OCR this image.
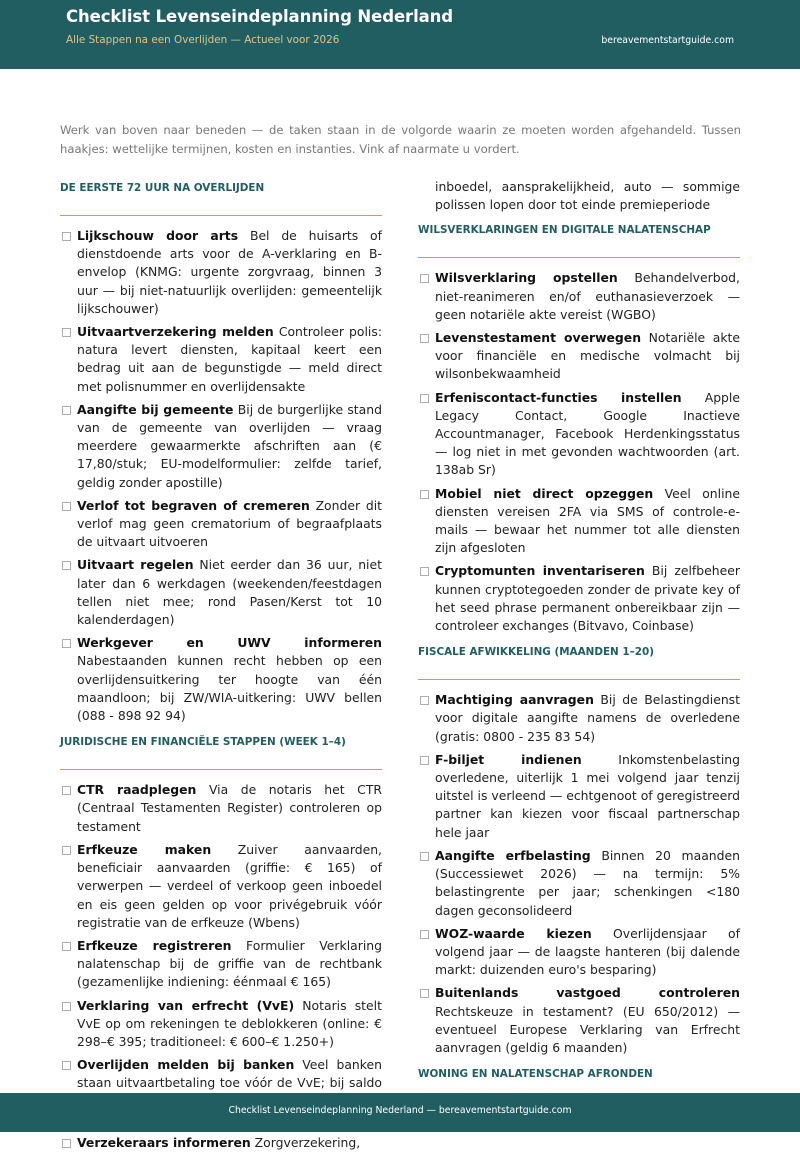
Checklist Levenseindeplanning Nederland
Alle Stappen na een Overlijden — Actueel voor 2026	bereavementstartguide.com
Werk van boven naar beneden — de taken staan in de volgorde waarin ze moeten worden afgehandeld. Tussen haakjes: wettelijke termijnen, kosten en instanties. Vink af naarmate u vordert.
DE EERSTE 72 UUR NA OVERLIJDEN
Lijkschouw door arts Bel de huisarts of dienstdoende arts voor de A-verklaring en B-envelop (KNMG: urgente zorgvraag, binnen 3 uur — bij niet-natuurlijk overlijden: gemeentelijk lijkschouwer)
Uitvaartverzekering melden Controleer polis: natura levert diensten, kapitaal keert een bedrag uit aan de begunstigde — meld direct met polisnummer en overlijdensakte
Aangifte bij gemeente Bij de burgerlijke stand van de gemeente van overlijden — vraag meerdere gewaarmerkte afschriften aan (€ 17,80/stuk; EU-modelformulier: zelfde tarief, geldig zonder apostille)
Verlof tot begraven of cremeren Zonder dit verlof mag geen crematorium of begraafplaats de uitvaart uitvoeren
Uitvaart regelen Niet eerder dan 36 uur, niet later dan 6 werkdagen (weekenden/feestdagen tellen niet mee; rond Pasen/Kerst tot 10 kalenderdagen)
Werkgever en UWV informeren Nabestaanden kunnen recht hebben op een overlijdensuitkering ter hoogte van één maandloon; bij ZW/WIA-uitkering: UWV bellen (088 - 898 92 94)
JURIDISCHE EN FINANCIËLE STAPPEN (WEEK 1–4)
CTR raadplegen Via de notaris het CTR (Centraal Testamenten Register) controleren op testament
Erfkeuze maken Zuiver aanvaarden, beneficiair aanvaarden (griffie: € 165) of verwerpen — verdeel of verkoop geen inboedel en eis geen gelden op voor privégebruik vóór registratie van de erfkeuze (Wbens)
Erfkeuze registreren Formulier Verklaring nalatenschap bij de griffie van de rechtbank (gezamenlijke indiening: éénmaal € 165)
Verklaring van erfrecht (VvE) Notaris stelt VvE op om rekeningen te deblokkeren (online: € 298–€ 395; traditioneel: € 600–€ 1.250+)
Overlijden melden bij banken Veel banken staan uitvaartbetaling toe vóór de VvE; bij saldo
Verzekeraars informeren Zorgverzekering,
inboedel, aansprakelijkheid, auto — sommige polissen lopen door tot einde premieperiode
WILSVERKLARINGEN EN DIGITALE NALATENSCHAP
Wilsverklaring opstellen Behandelverbod, niet-reanimeren en/of euthanasieverzoek — geen notariële akte vereist (WGBO)
Levenstestament overwegen Notariële akte voor financiële en medische volmacht bij wilsonbekwaamheid
Erfeniscontact-functies instellen Apple Legacy Contact, Google Inactieve Accountmanager, Facebook Herdenkingsstatus — log niet in met gevonden wachtwoorden (art. 138ab Sr)
Mobiel niet direct opzeggen Veel online diensten vereisen 2FA via SMS of controle-e-mails — bewaar het nummer tot alle diensten zijn afgesloten
Cryptomunten inventariseren Bij zelfbeheer kunnen cryptotegoeden zonder de private key of het seed phrase permanent onbereikbaar zijn — controleer exchanges (Bitvavo, Coinbase)
FISCALE AFWIKKELING (MAANDEN 1–20)
Machtiging aanvragen Bij de Belastingdienst voor digitale aangifte namens de overledene (gratis: 0800 - 235 83 54)
F-biljet indienen	Inkomstenbelasting overledene, uiterlijk 1 mei volgend jaar tenzij uitstel is verleend — echtgenoot of geregistreerd partner kan kiezen voor fiscaal partnerschap hele jaar
Aangifte erfbelasting Binnen 20 maanden (Successiewet 2026) — na termijn: 5% belastingrente per jaar; schenkingen <180 dagen geconsolideerd
WOZ-waarde kiezen Overlijdensjaar of volgend jaar — de laagste hanteren (bij dalende markt: duizenden euro's besparing)
Buitenlands vastgoed controleren Rechtskeuze in testament? (EU 650/2012) — eventueel Europese Verklaring van Erfrecht aanvragen (geldig 6 maanden)
WONING EN NALATENSCHAP AFRONDEN
Checklist Levenseindeplanning Nederland — bereavementstartguide.com
